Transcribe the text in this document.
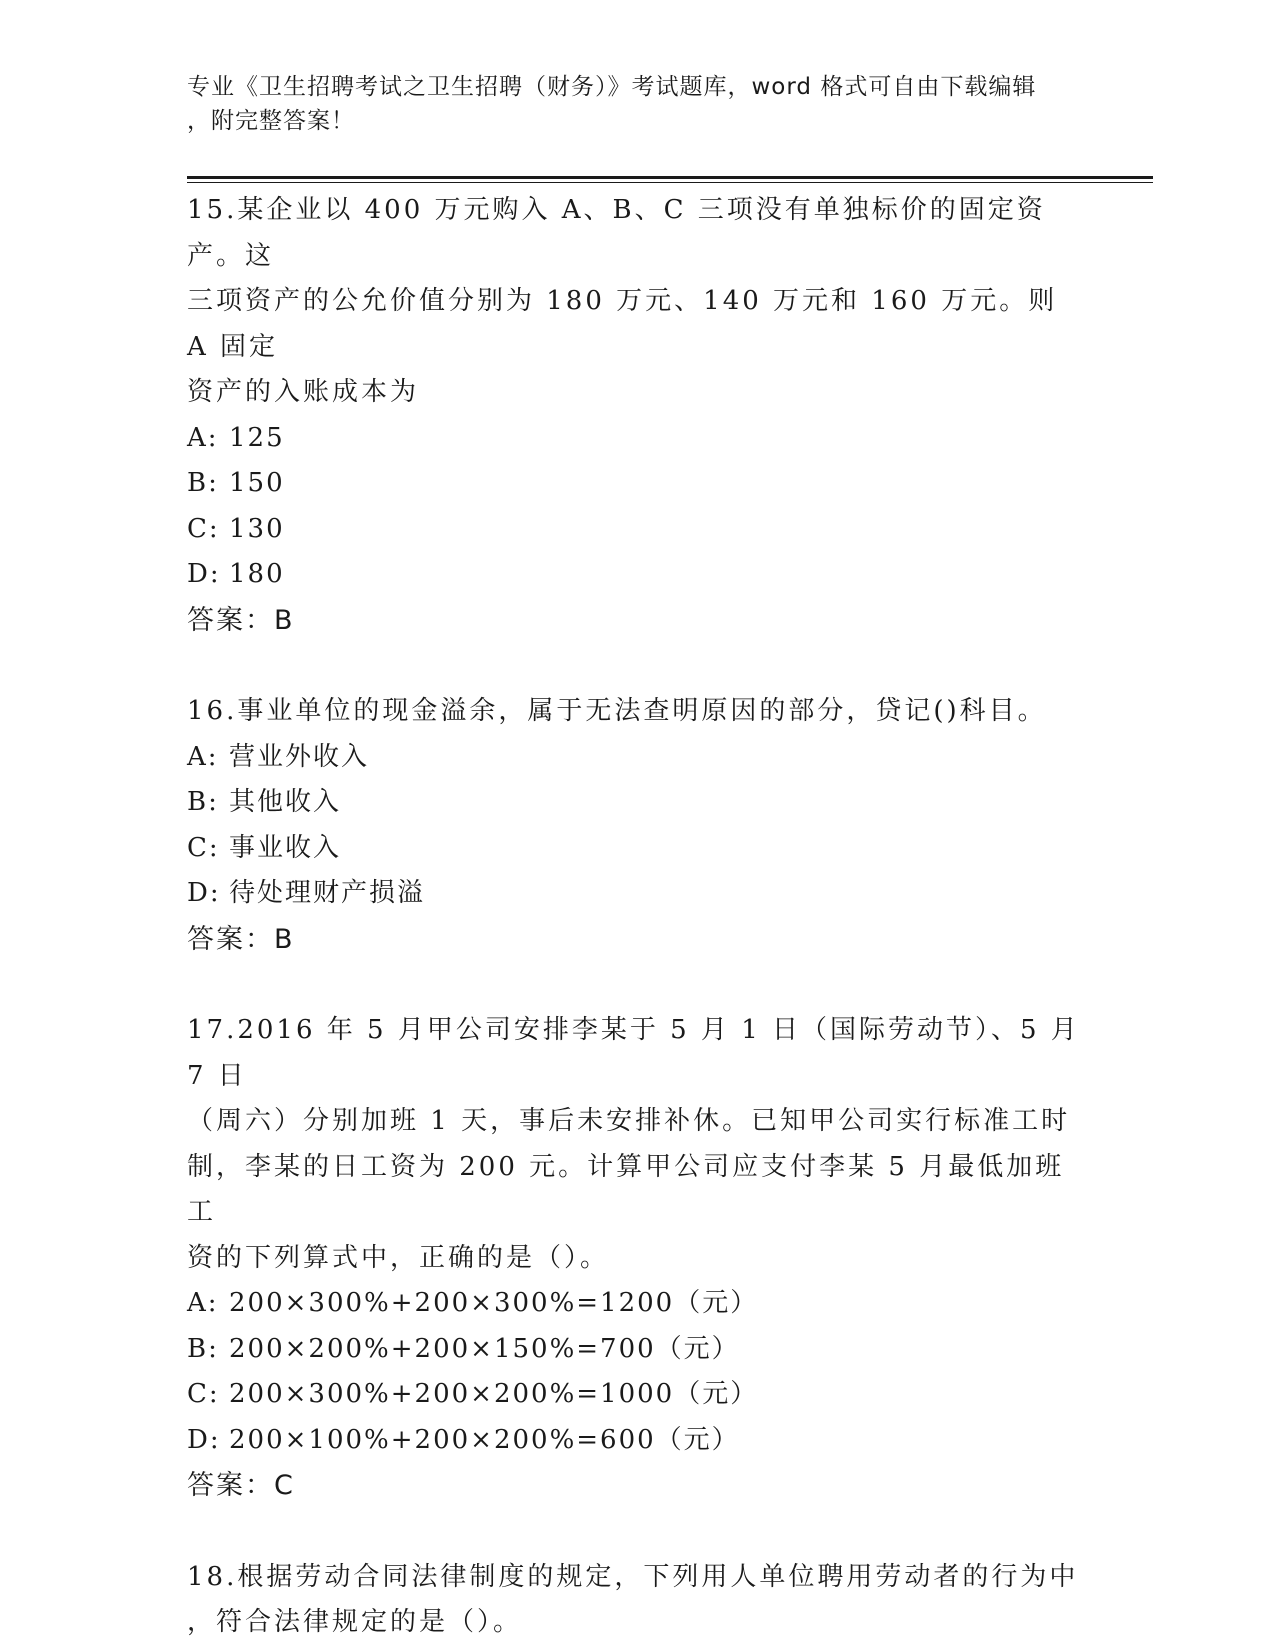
专业《卫生招聘考试之卫生招聘（财务）》考试题库，word 格式可自由下载编辑
，附完整答案！

15.某企业以 400 万元购入 A、B、C 三项没有单独标价的固定资产。这

三项资产的公允价值分别为 180 万元、140 万元和 160 万元。则 A 固定

资产的入账成本为

A: 125

B: 150

C: 130

D: 180

答案：B

16.事业单位的现金溢余，属于无法查明原因的部分，贷记()科目。

A: 营业外收入

B: 其他收入

C: 事业收入

D: 待处理财产损溢

答案：B

17.2016 年 5 月甲公司安排李某于 5 月 1 日（国际劳动节）、5 月 7 日

（周六）分别加班 1 天，事后未安排补休。已知甲公司实行标准工时

制，李某的日工资为 200 元。计算甲公司应支付李某 5 月最低加班工

资的下列算式中，正确的是（）。

A: 200×300%+200×300%=1200（元）

B: 200×200%+200×150%=700（元）

C: 200×300%+200×200%=1000（元）

D: 200×100%+200×200%=600（元）

答案：C

18.根据劳动合同法律制度的规定，下列用人单位聘用劳动者的行为中

，符合法律规定的是（）。
